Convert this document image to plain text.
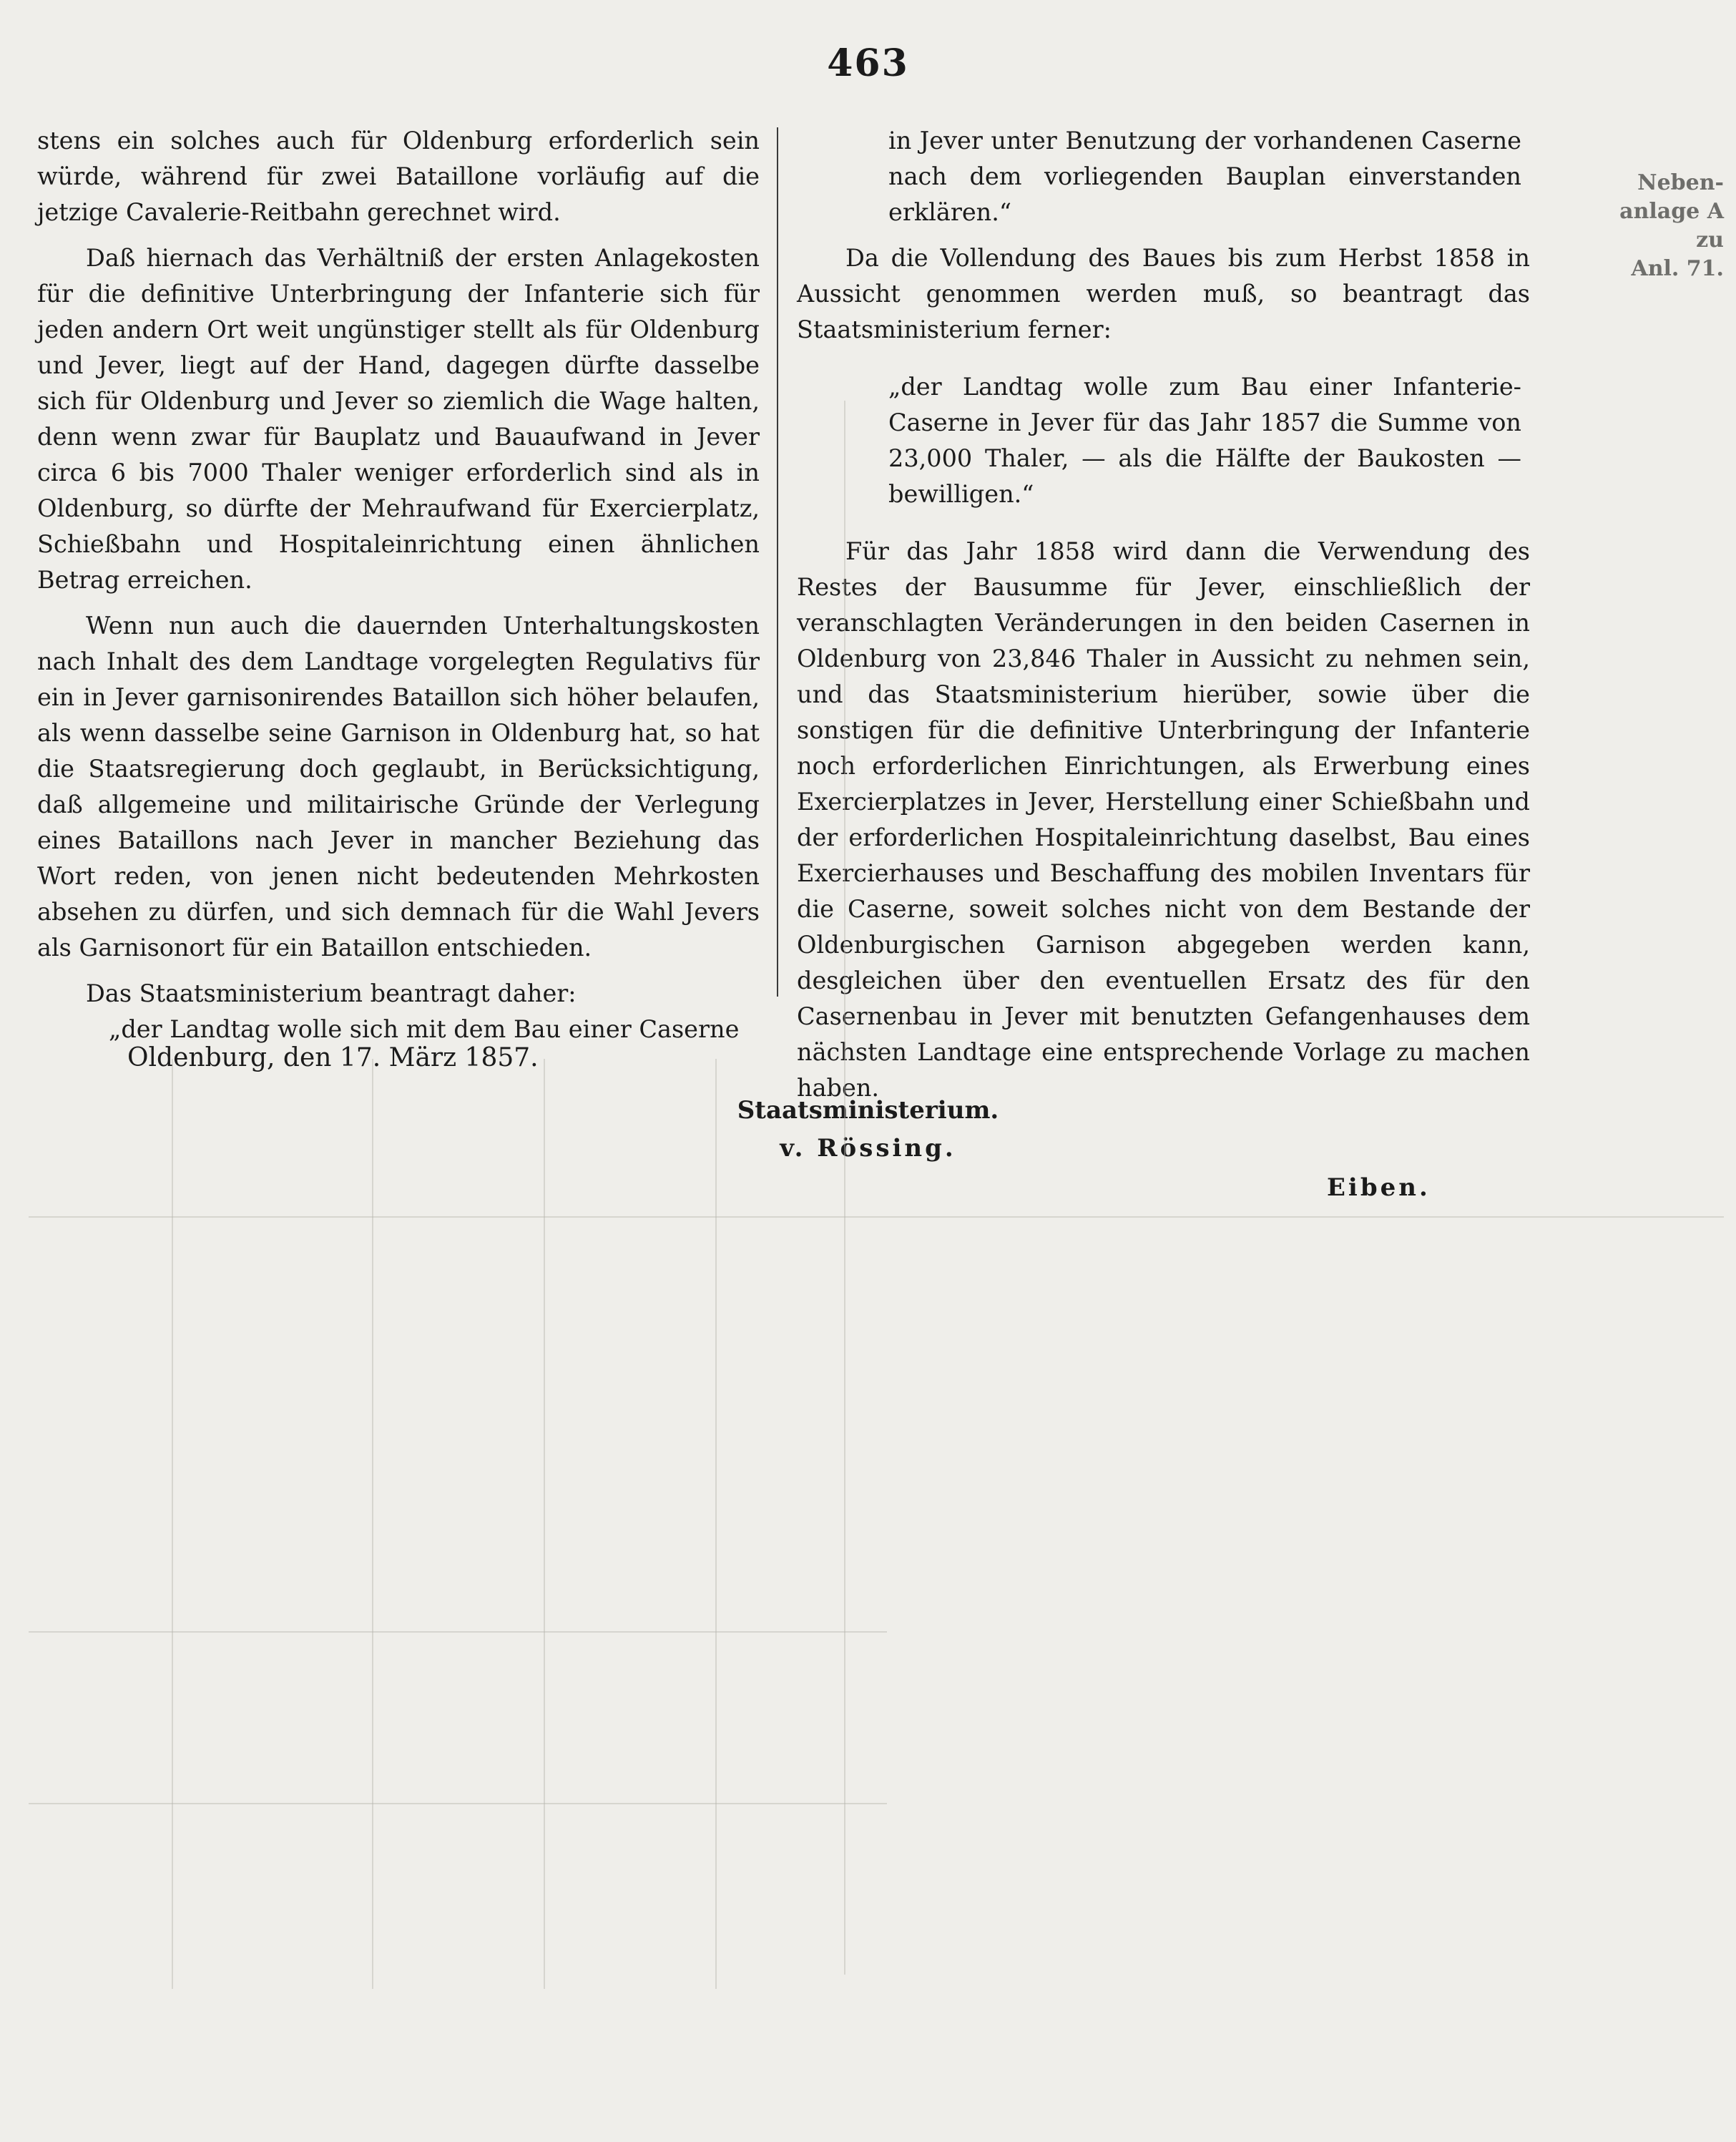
463
Neben-
anlage A zu
Anl. 71.

stens ein solches auch für Oldenburg erforderlich sein würde, während für zwei Bataillone vorläufig auf die jetzige Cavalerie-Reitbahn gerechnet wird.

Daß hiernach das Verhältniß der ersten Anlagekosten für die definitive Unterbringung der Infanterie sich für jeden andern Ort weit ungünstiger stellt als für Oldenburg und Jever, liegt auf der Hand, dagegen dürfte dasselbe sich für Oldenburg und Jever so ziemlich die Wage halten, denn wenn zwar für Bauplatz und Bauaufwand in Jever circa 6 bis 7000 Thaler weniger erforderlich sind als in Oldenburg, so dürfte der Mehraufwand für Exercierplatz, Schießbahn und Hospitaleinrichtung einen ähnlichen Betrag erreichen.

Wenn nun auch die dauernden Unterhaltungskosten nach Inhalt des dem Landtage vorgelegten Regulativs für ein in Jever garnisonirendes Bataillon sich höher belaufen, als wenn dasselbe seine Garnison in Oldenburg hat, so hat die Staatsregierung doch geglaubt, in Berücksichtigung, daß allgemeine und militairische Gründe der Verlegung eines Bataillons nach Jever in mancher Beziehung das Wort reden, von jenen nicht bedeutenden Mehrkosten absehen zu dürfen, und sich demnach für die Wahl Jevers als Garnisonort für ein Bataillon entschieden.

Das Staatsministerium beantragt daher:

„der Landtag wolle sich mit dem Bau einer Caserne

in Jever unter Benutzung der vorhandenen Caserne nach dem vorliegenden Bauplan einverstanden erklären.“

Da die Vollendung des Baues bis zum Herbst 1858 in Aussicht genommen werden muß, so beantragt das Staatsministerium ferner:

„der Landtag wolle zum Bau einer Infanterie-Caserne in Jever für das Jahr 1857 die Summe von 23,000 Thaler, — als die Hälfte der Baukosten — bewilligen.“

Für das Jahr 1858 wird dann die Verwendung des Restes der Bausumme für Jever, einschließlich der veranschlagten Veränderungen in den beiden Casernen in Oldenburg von 23,846 Thaler in Aussicht zu nehmen sein, und das Staatsministerium hierüber, sowie über die sonstigen für die definitive Unterbringung der Infanterie noch erforderlichen Einrichtungen, als Erwerbung eines Exercierplatzes in Jever, Herstellung einer Schießbahn und der erforderlichen Hospitaleinrichtung daselbst, Bau eines Exercierhauses und Beschaffung des mobilen Inventars für die Caserne, soweit solches nicht von dem Bestande der Oldenburgischen Garnison abgegeben werden kann, desgleichen über den eventuellen Ersatz des für den Casernenbau in Jever mit benutzten Gefangenhauses dem nächsten Landtage eine entsprechende Vorlage zu machen haben.

Oldenburg, den 17. März 1857.
Staatsministerium.
v. Rössing.
Eiben.
